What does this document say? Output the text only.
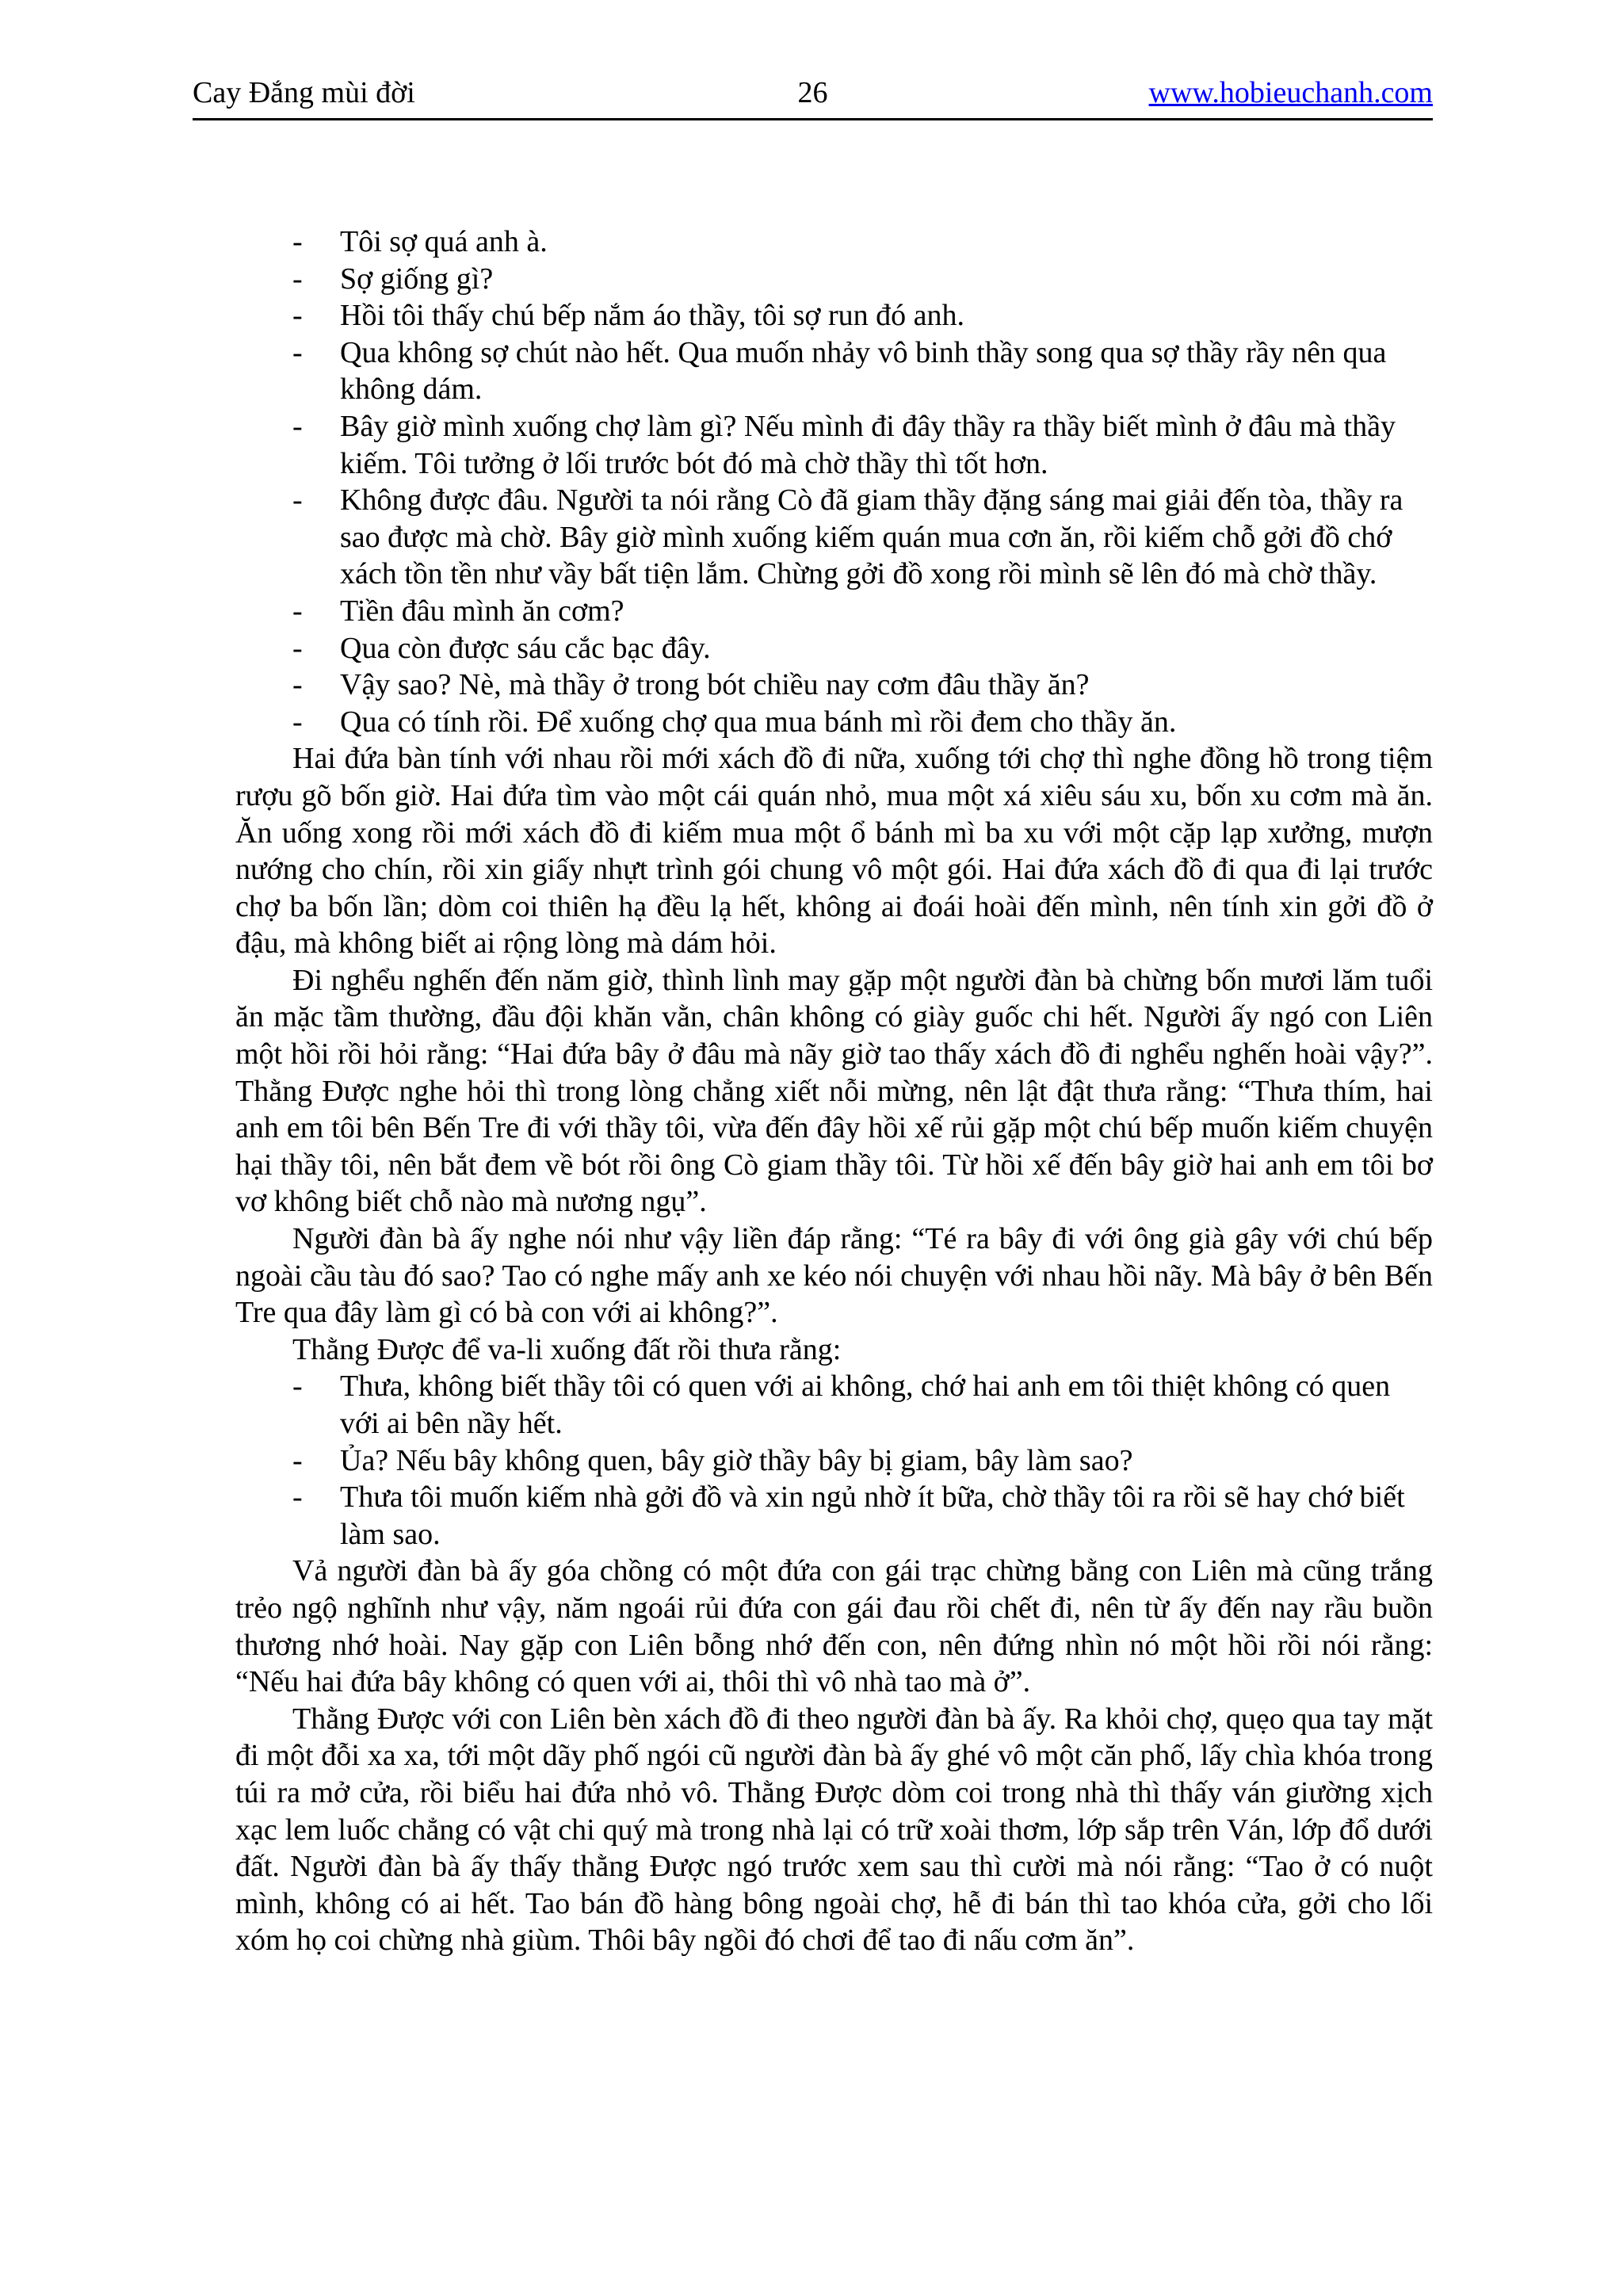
Cay Đắng mùi đời	26	www.hobieuchanh.com
- Tôi sợ quá anh à.
- Sợ giống gì?
- Hồi tôi thấy chú bếp nắm áo thầy, tôi sợ run đó anh.
- Qua không sợ chút nào hết. Qua muốn nhảy vô binh thầy song qua sợ thầy rầy nên qua không dám.
- Bây giờ mình xuống chợ làm gì? Nếu mình đi đây thầy ra thầy biết mình ở đâu mà thầy kiếm. Tôi tưởng ở lối trước bót đó mà chờ thầy thì tốt hơn.
- Không được đâu. Người ta nói rằng Cò đã giam thầy đặng sáng mai giải đến tòa, thầy ra sao được mà chờ. Bây giờ mình xuống kiếm quán mua cơn ăn, rồi kiếm chỗ gởi đồ chớ xách tồn tền như vầy bất tiện lắm. Chừng gởi đồ xong rồi mình sẽ lên đó mà chờ thầy.
- Tiền đâu mình ăn cơm?
- Qua còn được sáu cắc bạc đây.
- Vậy sao? Nè, mà thầy ở trong bót chiều nay cơm đâu thầy ăn?
- Qua có tính rồi. Để xuống chợ qua mua bánh mì rồi đem cho thầy ăn.

Hai đứa bàn tính với nhau rồi mới xách đồ đi nữa, xuống tới chợ thì nghe đồng hồ trong tiệm rượu gõ bốn giờ. Hai đứa tìm vào một cái quán nhỏ, mua một xá xiêu sáu xu, bốn xu cơm mà ăn. Ăn uống xong rồi mới xách đồ đi kiếm mua một ổ bánh mì ba xu với một cặp lạp xưởng, mượn nướng cho chín, rồi xin giấy nhựt trình gói chung vô một gói. Hai đứa xách đồ đi qua đi lại trước chợ ba bốn lần; dòm coi thiên hạ đều lạ hết, không ai đoái hoài đến mình, nên tính xin gởi đồ ở đậu, mà không biết ai rộng lòng mà dám hỏi.

Đi nghểu nghến đến năm giờ, thình lình may gặp một người đàn bà chừng bốn mươi lăm tuổi ăn mặc tầm thường, đầu đội khăn vằn, chân không có giày guốc chi hết. Người ấy ngó con Liên một hồi rồi hỏi rằng: “Hai đứa bây ở đâu mà nãy giờ tao thấy xách đồ đi nghểu nghến hoài vậy?”. Thằng Được nghe hỏi thì trong lòng chẳng xiết nỗi mừng, nên lật đật thưa rằng: “Thưa thím, hai anh em tôi bên Bến Tre đi với thầy tôi, vừa đến đây hồi xế rủi gặp một chú bếp muốn kiếm chuyện hại thầy tôi, nên bắt đem về bót rồi ông Cò giam thầy tôi. Từ hồi xế đến bây giờ hai anh em tôi bơ vơ không biết chỗ nào mà nương ngụ”.

Người đàn bà ấy nghe nói như vậy liền đáp rằng: “Té ra bây đi với ông già gây với chú bếp ngoài cầu tàu đó sao? Tao có nghe mấy anh xe kéo nói chuyện với nhau hồi nãy. Mà bây ở bên Bến Tre qua đây làm gì có bà con với ai không?”.

Thằng Được để va-li xuống đất rồi thưa rằng:

- Thưa, không biết thầy tôi có quen với ai không, chớ hai anh em tôi thiệt không có quen với ai bên nầy hết.
- Ủa? Nếu bây không quen, bây giờ thầy bây bị giam, bây làm sao?
- Thưa tôi muốn kiếm nhà gởi đồ và xin ngủ nhờ ít bữa, chờ thầy tôi ra rồi sẽ hay chớ biết làm sao.

Vả người đàn bà ấy góa chồng có một đứa con gái trạc chừng bằng con Liên mà cũng trắng trẻo ngộ nghĩnh như vậy, năm ngoái rủi đứa con gái đau rồi chết đi, nên từ ấy đến nay rầu buồn thương nhớ hoài. Nay gặp con Liên bỗng nhớ đến con, nên đứng nhìn nó một hồi rồi nói rằng: “Nếu hai đứa bây không có quen với ai, thôi thì vô nhà tao mà ở”.

Thằng Được với con Liên bèn xách đồ đi theo người đàn bà ấy. Ra khỏi chợ, quẹo qua tay mặt đi một đỗi xa xa, tới một dãy phố ngói cũ người đàn bà ấy ghé vô một căn phố, lấy chìa khóa trong túi ra mở cửa, rồi biểu hai đứa nhỏ vô. Thằng Được dòm coi trong nhà thì thấy ván giường xịch xạc lem luốc chẳng có vật chi quý mà trong nhà lại có trữ xoài thơm, lớp sắp trên Ván, lớp đổ dưới đất. Người đàn bà ấy thấy thằng Được ngó trước xem sau thì cười mà nói rằng: “Tao ở có nuột mình, không có ai hết. Tao bán đồ hàng bông ngoài chợ, hễ đi bán thì tao khóa cửa, gởi cho lối xóm họ coi chừng nhà giùm. Thôi bây ngồi đó chơi để tao đi nấu cơm ăn”.
